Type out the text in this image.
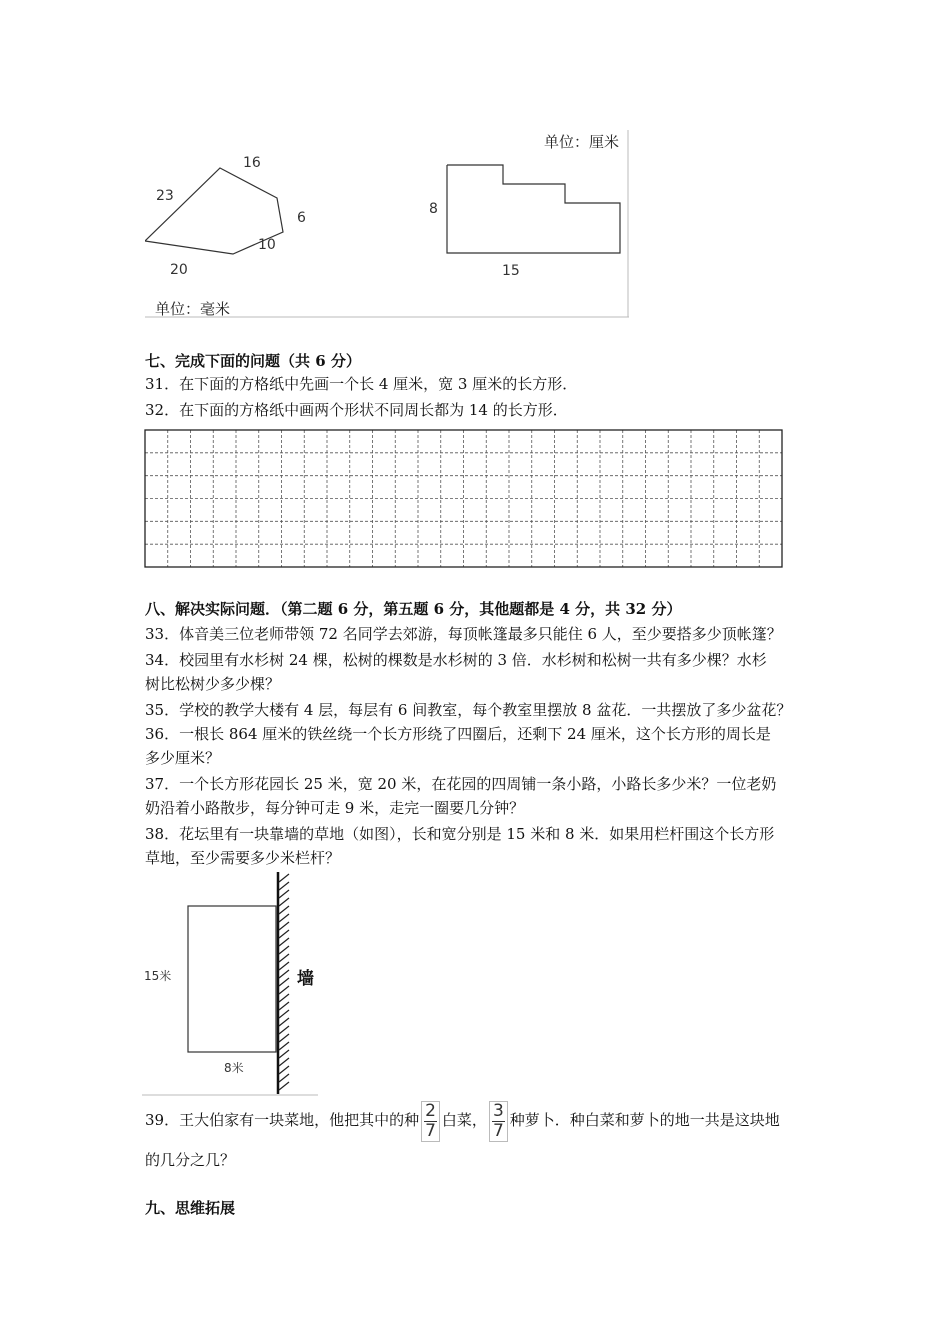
16
23
6
10
20
单位：毫米
单位：厘米
8
15
七、完成下面的问题（共 6 分）
31．在下面的方格纸中先画一个长 4 厘米，宽 3 厘米的长方形．
32．在下面的方格纸中画两个形状不同周长都为 14 的长方形．
八、解决实际问题．（第二题 6 分，第五题 6 分，其他题都是 4 分，共 32 分）
33．体音美三位老师带领 72 名同学去郊游，每顶帐篷最多只能住 6 人，至少要搭多少顶帐篷？
34．校园里有水杉树 24 棵，松树的棵数是水杉树的 3 倍．水杉树和松树一共有多少棵？水杉
树比松树少多少棵？
35．学校的教学大楼有 4 层，每层有 6 间教室，每个教室里摆放 8 盆花．一共摆放了多少盆花？
36．一根长 864 厘米的铁丝绕一个长方形绕了四圈后，还剩下 24 厘米，这个长方形的周长是
多少厘米？
37．一个长方形花园长 25 米，宽 20 米，在花园的四周铺一条小路，小路长多少米？一位老奶
奶沿着小路散步，每分钟可走 9 米，走完一圈要几分钟？
38．花坛里有一块靠墙的草地（如图），长和宽分别是 15 米和 8 米．如果用栏杆围这个长方形
草地，至少需要多少米栏杆？
15米
8米
墙
39．王大伯家有一块菜地，他把其中的种 $\frac{2}{7}$ 白菜， $\frac{3}{7}$ 种萝卜．种白菜和萝卜的地一共是这块地
的几分之几？
九、思维拓展
